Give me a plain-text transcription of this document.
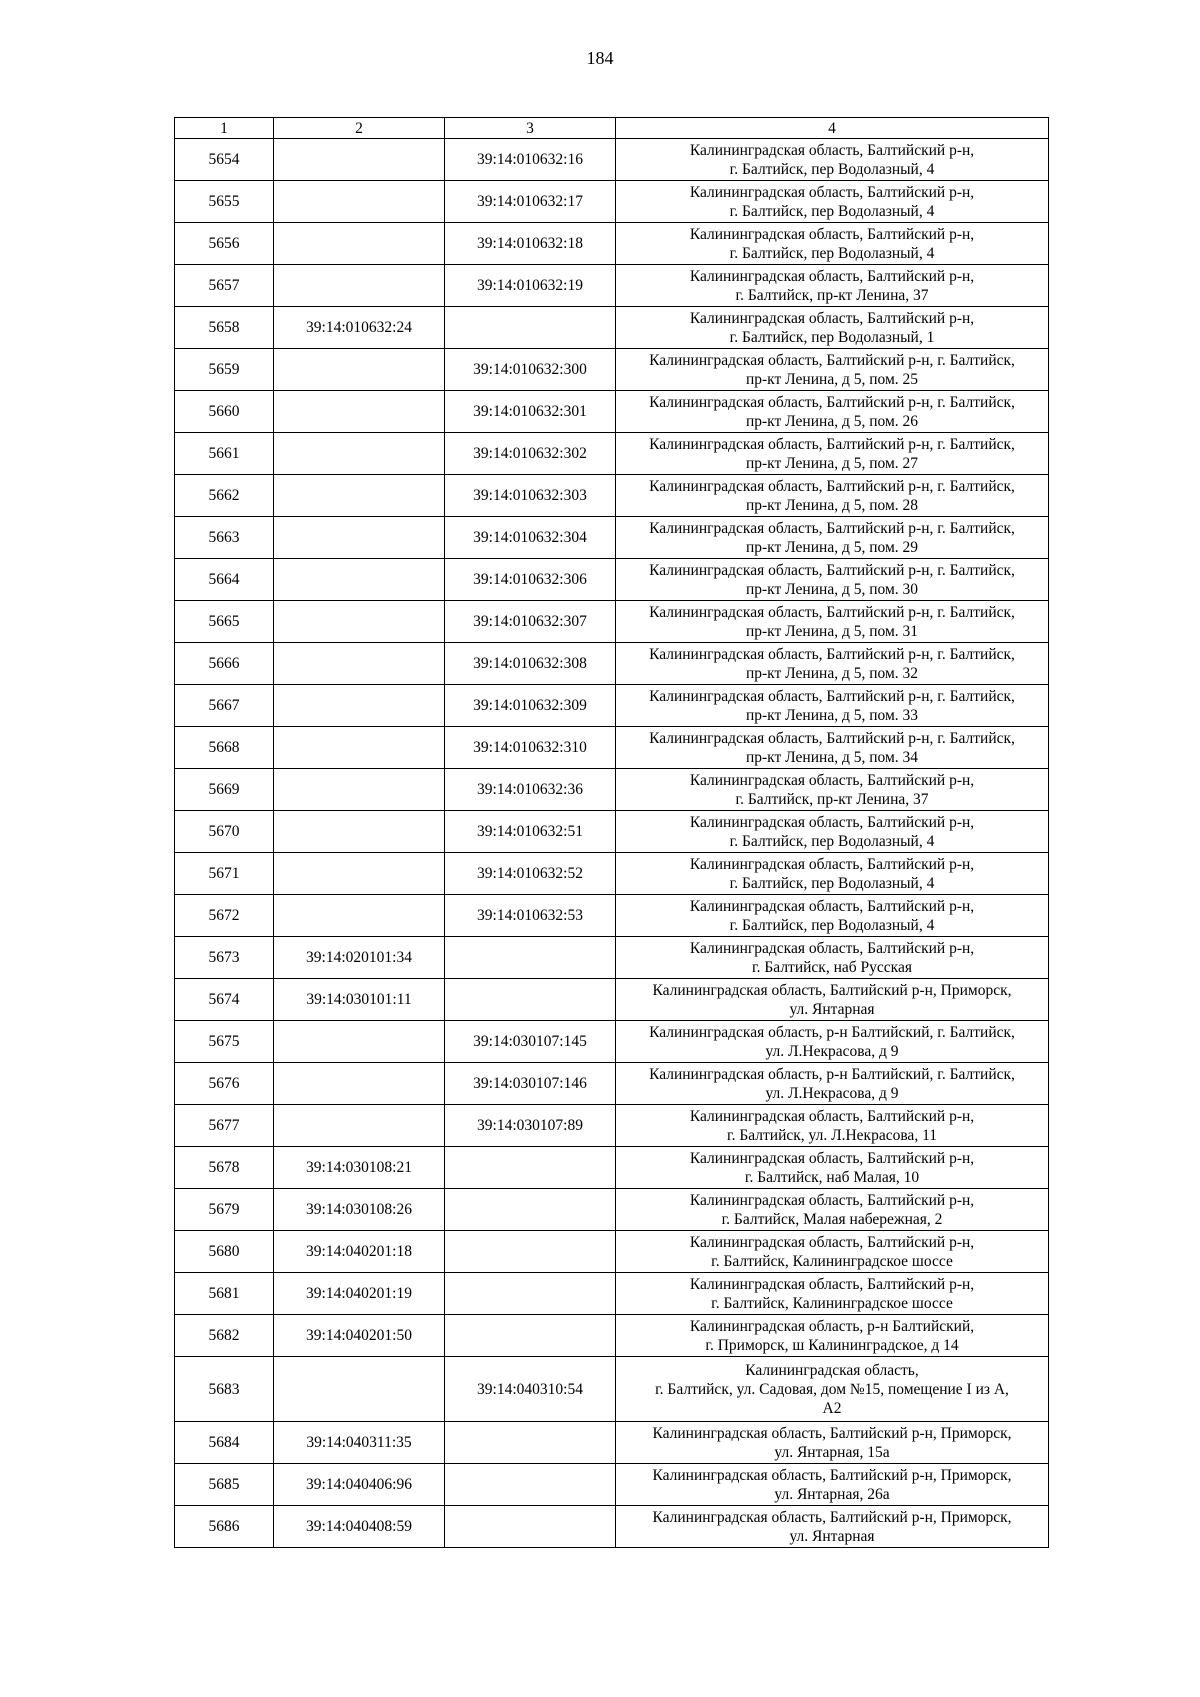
184
1	2	3	4
5654		39:14:010632:16	Калининградская область, Балтийский р-н,
г. Балтийск, пер Водолазный, 4

5655		39:14:010632:17	Калининградская область, Балтийский р-н,
г. Балтийск, пер Водолазный, 4

5656		39:14:010632:18	Калининградская область, Балтийский р-н,
г. Балтийск, пер Водолазный, 4

5657		39:14:010632:19	Калининградская область, Балтийский р-н,
г. Балтийск, пр-кт Ленина, 37

5658	39:14:010632:24		Калининградская область, Балтийский р-н,
г. Балтийск, пер Водолазный, 1

5659		39:14:010632:300	Калининградская область, Балтийский р-н, г. Балтийск,
пр-кт Ленина, д 5, пом. 25

5660		39:14:010632:301	Калининградская область, Балтийский р-н, г. Балтийск,
пр-кт Ленина, д 5, пом. 26

5661		39:14:010632:302	Калининградская область, Балтийский р-н, г. Балтийск,
пр-кт Ленина, д 5, пом. 27

5662		39:14:010632:303	Калининградская область, Балтийский р-н, г. Балтийск,
пр-кт Ленина, д 5, пом. 28

5663		39:14:010632:304	Калининградская область, Балтийский р-н, г. Балтийск,
пр-кт Ленина, д 5, пом. 29

5664		39:14:010632:306	Калининградская область, Балтийский р-н, г. Балтийск,
пр-кт Ленина, д 5, пом. 30

5665		39:14:010632:307	Калининградская область, Балтийский р-н, г. Балтийск,
пр-кт Ленина, д 5, пом. 31

5666		39:14:010632:308	Калининградская область, Балтийский р-н, г. Балтийск,
пр-кт Ленина, д 5, пом. 32

5667		39:14:010632:309	Калининградская область, Балтийский р-н, г. Балтийск,
пр-кт Ленина, д 5, пом. 33

5668		39:14:010632:310	Калининградская область, Балтийский р-н, г. Балтийск,
пр-кт Ленина, д 5, пом. 34

5669		39:14:010632:36	Калининградская область, Балтийский р-н,
г. Балтийск, пр-кт Ленина, 37

5670		39:14:010632:51	Калининградская область, Балтийский р-н,
г. Балтийск, пер Водолазный, 4

5671		39:14:010632:52	Калининградская область, Балтийский р-н,
г. Балтийск, пер Водолазный, 4

5672		39:14:010632:53	Калининградская область, Балтийский р-н,
г. Балтийск, пер Водолазный, 4

5673	39:14:020101:34		Калининградская область, Балтийский р-н,
г. Балтийск, наб Русская

5674	39:14:030101:11		Калининградская область, Балтийский р-н, Приморск,
ул. Янтарная

5675		39:14:030107:145	Калининградская область, р-н Балтийский, г. Балтийск,
ул. Л.Некрасова, д 9

5676		39:14:030107:146	Калининградская область, р-н Балтийский, г. Балтийск,
ул. Л.Некрасова, д 9

5677		39:14:030107:89	Калининградская область, Балтийский р-н,
г. Балтийск, ул. Л.Некрасова, 11

5678	39:14:030108:21		Калининградская область, Балтийский р-н,
г. Балтийск, наб Малая, 10

5679	39:14:030108:26		Калининградская область, Балтийский р-н,
г. Балтийск, Малая набережная, 2

5680	39:14:040201:18		Калининградская область, Балтийский р-н,
г. Балтийск, Калининградское шоссе

5681	39:14:040201:19		Калининградская область, Балтийский р-н,
г. Балтийск, Калининградское шоссе

5682	39:14:040201:50		Калининградская область, р-н Балтийский,
г. Приморск, ш Калининградское, д 14

5683		39:14:040310:54	Калининградская область,
г. Балтийск, ул. Садовая, дом №15, помещение I из А,
А2

5684	39:14:040311:35		Калининградская область, Балтийский р-н, Приморск,
ул. Янтарная, 15а

5685	39:14:040406:96		Калининградская область, Балтийский р-н, Приморск,
ул. Янтарная, 26а

5686	39:14:040408:59		Калининградская область, Балтийский р-н, Приморск,
ул. Янтарная
